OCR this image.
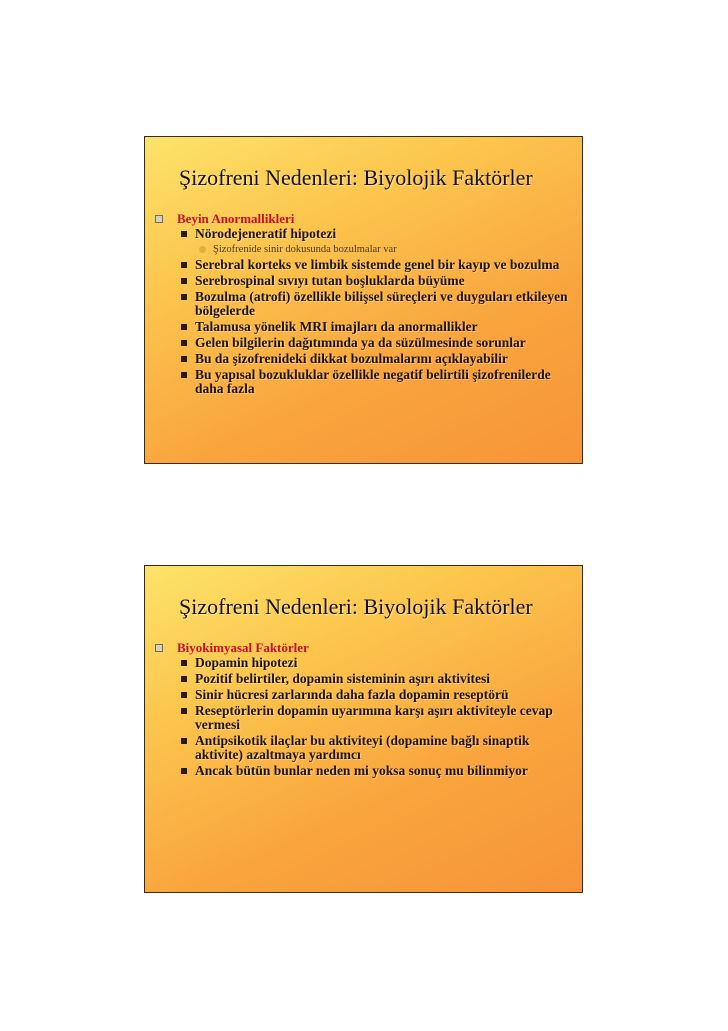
Şizofreni Nedenleri: Biyolojik Faktörler
Beyin Anormallikleri
Nörodejeneratif hipotezi
Şizofrenide sinir dokusunda bozulmalar var
Serebral korteks ve limbik sistemde genel bir kayıp ve bozulma
Serebrospinal sıvıyı tutan boşluklarda büyüme
Bozulma (atrofi) özellikle bilişsel süreçleri ve duyguları etkileyen bölgelerde
Talamusa yönelik MRI imajları da anormallikler
Gelen bilgilerin dağıtımında ya da süzülmesinde sorunlar
Bu da şizofrenideki dikkat bozulmalarını açıklayabilir
Bu yapısal bozukluklar özellikle negatif belirtili şizofrenilerde daha fazla
Şizofreni Nedenleri: Biyolojik Faktörler
Biyokimyasal Faktörler
Dopamin hipotezi
Pozitif belirtiler, dopamin sisteminin aşırı aktivitesi
Sinir hücresi zarlarında daha fazla dopamin reseptörü
Reseptörlerin dopamin uyarımına karşı aşırı aktiviteyle cevap vermesi
Antipsikotik ilaçlar bu aktiviteyi (dopamine bağlı sinaptik aktivite) azaltmaya yardımcı
Ancak bütün bunlar neden mi yoksa sonuç mu bilinmiyor
